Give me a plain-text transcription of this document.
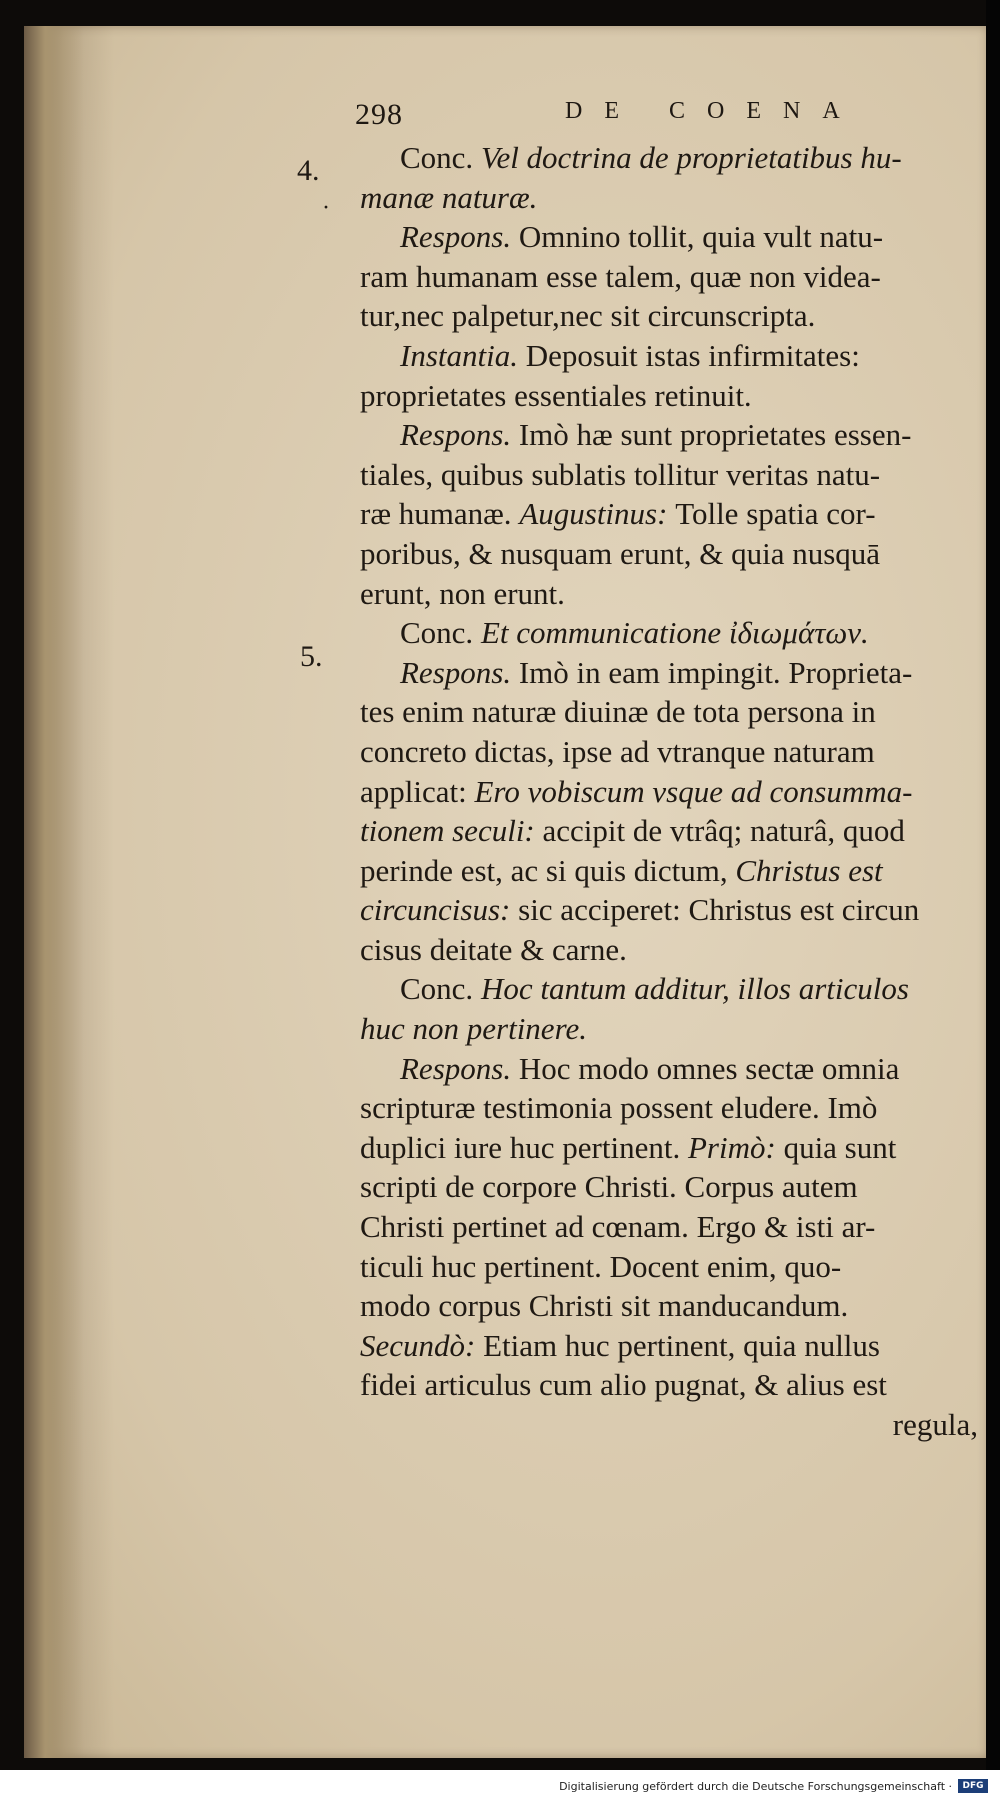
298	DE COENA
4.
·
5.
Conc. Vel doctrina de proprietatibus hu-
manæ naturæ.
Respons. Omnino tollit, quia vult natu-
ram humanam esse talem, quæ non videa-
tur,nec palpetur,nec sit circunscripta.
Instantia. Deposuit istas infirmitates:
proprietates essentiales retinuit.
Respons. Imò hæ sunt proprietates essen-
tiales, quibus sublatis tollitur veritas natu-
ræ humanæ. Augustinus: Tolle spatia cor-
poribus, & nusquam erunt, & quia nusquā
erunt, non erunt.
Conc. Et communicatione ἰδιωμάτων.
Respons. Imò in eam impingit. Proprieta-
tes enim naturæ diuinæ de tota persona in
concreto dictas, ipse ad vtranque naturam
applicat: Ero vobiscum vsque ad consumma-
tionem seculi: accipit de vtrâq; naturâ, quod
perinde est, ac si quis dictum, Christus est
circuncisus: sic acciperet: Christus est circun
cisus deitate & carne.
Conc. Hoc tantum additur, illos articulos
huc non pertinere.
Respons. Hoc modo omnes sectæ omnia
scripturæ testimonia possent eludere. Imò
duplici iure huc pertinent. Primò: quia sunt
scripti de corpore Christi. Corpus autem
Christi pertinet ad cœnam. Ergo & isti ar-
ticuli huc pertinent. Docent enim, quo-
modo corpus Christi sit manducandum.
Secundò: Etiam huc pertinent, quia nullus
fidei articulus cum alio pugnat, & alius est
regula,
Digitalisierung gefördert durch die Deutsche Forschungsgemeinschaft ·	DFG
